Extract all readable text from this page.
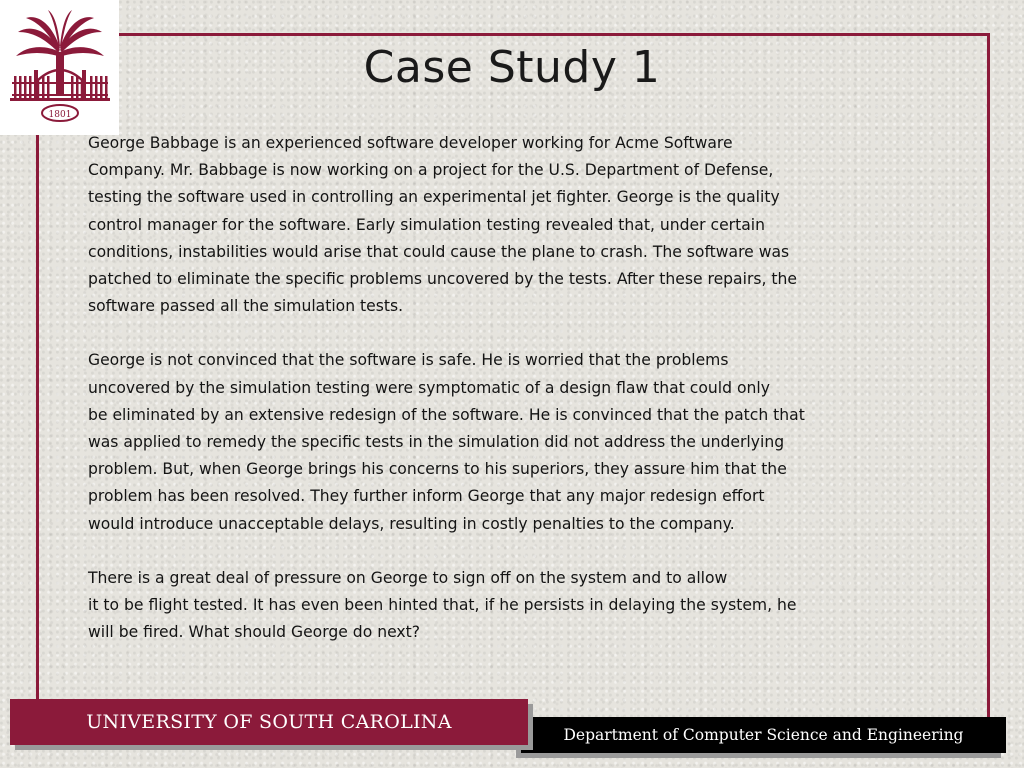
1801
Case Study 1

George Babbage is an experienced software developer working for Acme Software
Company. Mr. Babbage is now working on a project for the U.S. Department of Defense,
testing the software used in controlling an experimental jet fighter. George is the quality
control manager for the software. Early simulation testing revealed that, under certain
conditions, instabilities would arise that could cause the plane to crash. The software was
patched to eliminate the specific problems uncovered by the tests. After these repairs, the
software passed all the simulation tests.

George is not convinced that the software is safe. He is worried that the problems
uncovered by the simulation testing were symptomatic of a design flaw that could only
be eliminated by an extensive redesign of the software. He is convinced that the patch that
was applied to remedy the specific tests in the simulation did not address the underlying
problem. But, when George brings his concerns to his superiors, they assure him that the
problem has been resolved. They further inform George that any major redesign effort
would introduce unacceptable delays, resulting in costly penalties to the company.

There is a great deal of pressure on George to sign off on the system and to allow
it to be flight tested. It has even been hinted that, if he persists in delaying the system, he
will be fired. What should George do next?

Department of Computer Science and Engineering
UNIVERSITY OF SOUTH CAROLINA
